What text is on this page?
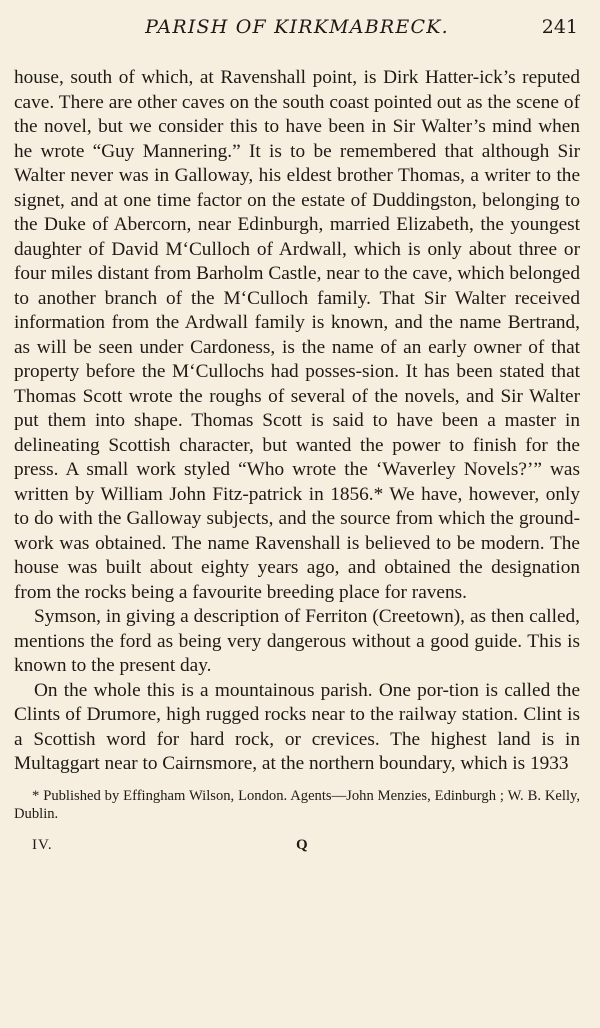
PARISH OF KIRKMABRECK.	241

house, south of which, at Ravenshall point, is Dirk Hatter-ick’s reputed cave. There are other caves on the south coast pointed out as the scene of the novel, but we consider this to have been in Sir Walter’s mind when he wrote “Guy Mannering.” It is to be remembered that although Sir Walter never was in Galloway, his eldest brother Thomas, a writer to the signet, and at one time factor on the estate of Duddingston, belonging to the Duke of Abercorn, near Edinburgh, married Elizabeth, the youngest daughter of David M‘Culloch of Ardwall, which is only about three or four miles distant from Barholm Castle, near to the cave, which belonged to another branch of the M‘Culloch family. That Sir Walter received information from the Ardwall family is known, and the name Bertrand, as will be seen under Cardoness, is the name of an early owner of that property before the M‘Cullochs had posses-sion. It has been stated that Thomas Scott wrote the roughs of several of the novels, and Sir Walter put them into shape. Thomas Scott is said to have been a master in delineating Scottish character, but wanted the power to finish for the press. A small work styled “Who wrote the ‘Waverley Novels?’” was written by William John Fitz-patrick in 1856.* We have, however, only to do with the Galloway subjects, and the source from which the ground-work was obtained. The name Ravenshall is believed to be modern. The house was built about eighty years ago, and obtained the designation from the rocks being a favourite breeding place for ravens.

Symson, in giving a description of Ferriton (Creetown), as then called, mentions the ford as being very dangerous without a good guide. This is known to the present day.

On the whole this is a mountainous parish. One por-tion is called the Clints of Drumore, high rugged rocks near to the railway station. Clint is a Scottish word for hard rock, or crevices. The highest land is in Multaggart near to Cairnsmore, at the northern boundary, which is 1933

* Published by Effingham Wilson, London. Agents—John Menzies, Edinburgh ; W. B. Kelly, Dublin.
IV.	Q
